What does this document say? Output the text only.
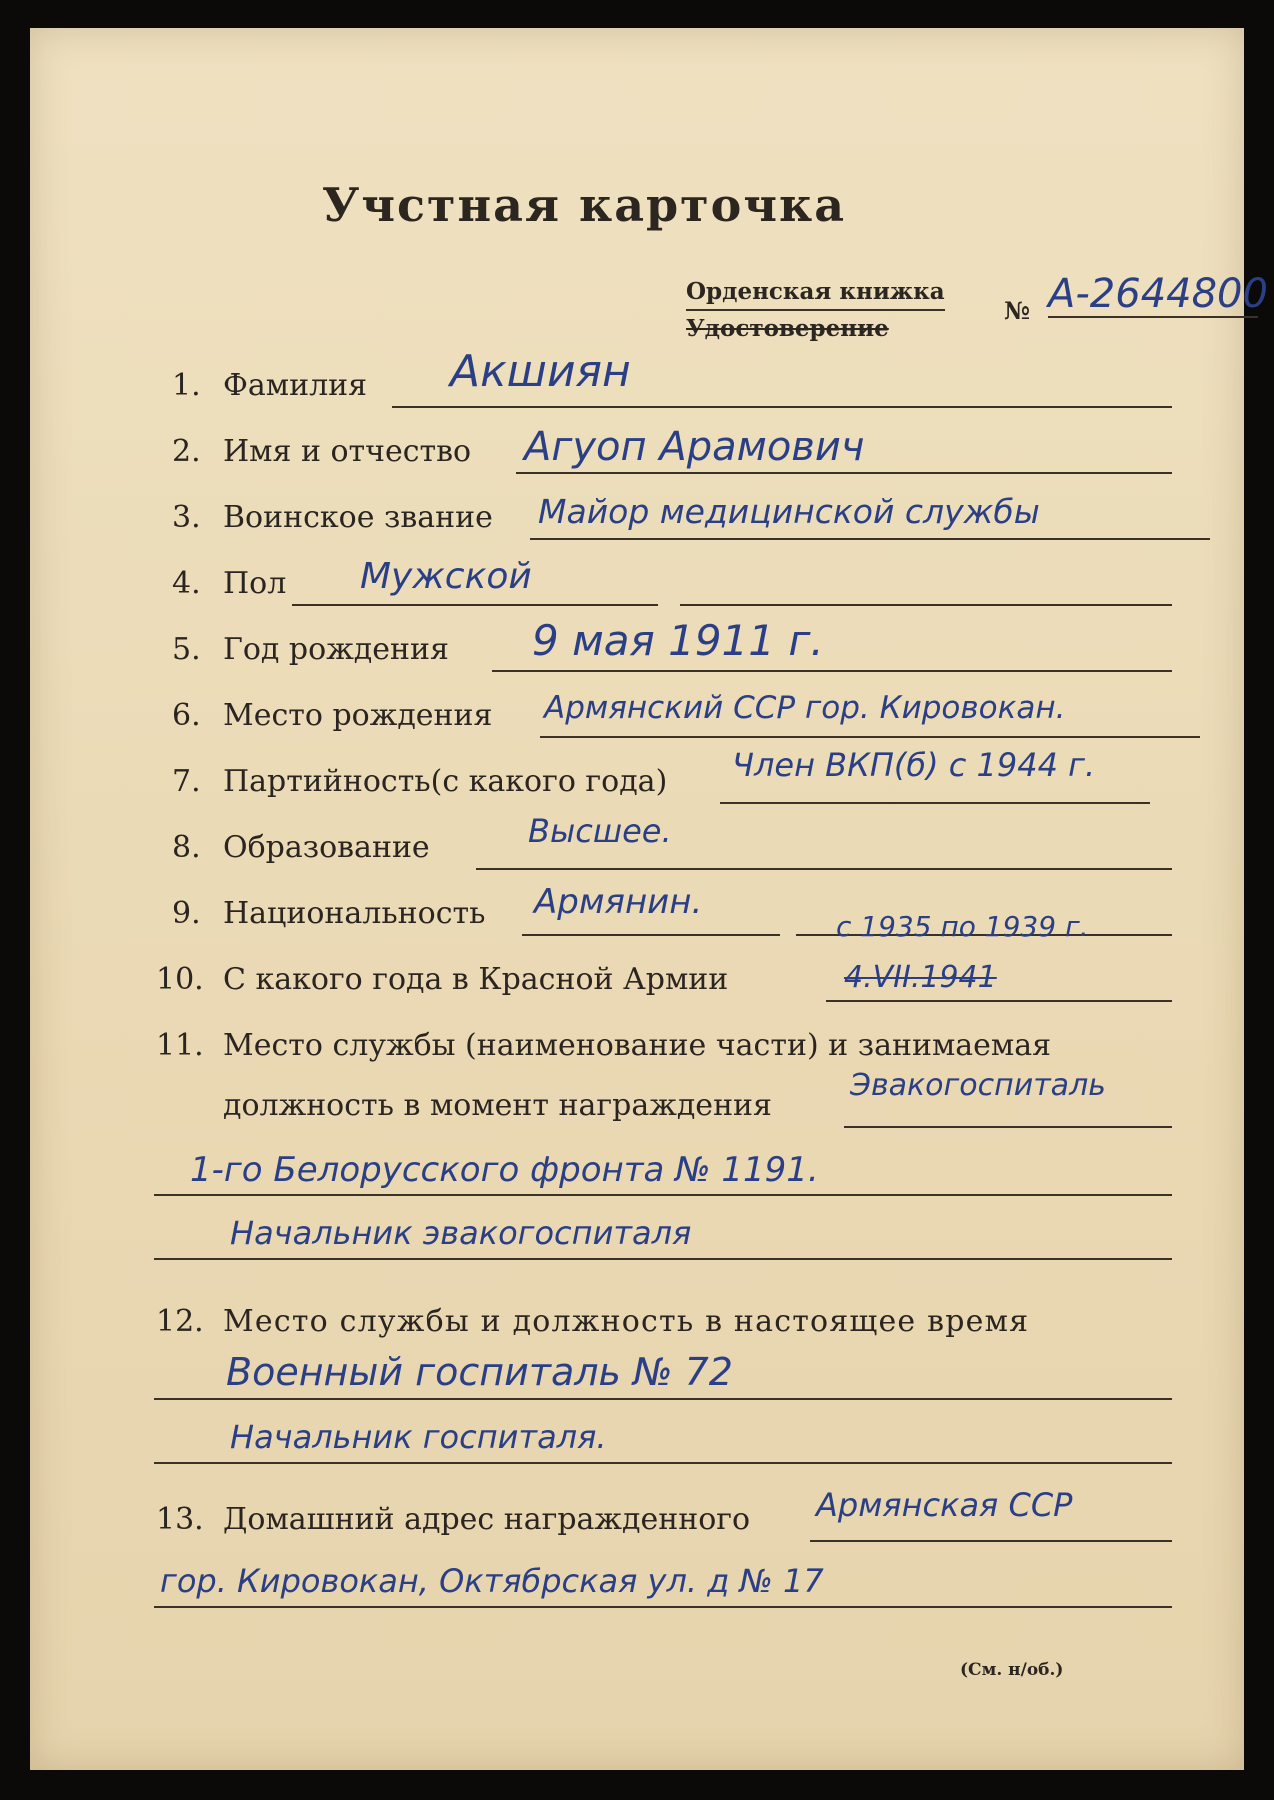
Учстная карточка
Орденская книжка
Удостоверение
№ А-2644800
1. Фамилия Акшиян
2. Имя и отчество Агуоп Арамович
3. Воинское звание Майор медицинской службы
4. Пол Мужской
5. Год рождения 9 мая 1911 г.
6. Место рождения Армянский ССР гор. Кировокан.
7. Партийность(с какого года) Член ВКП(б) с 1944 г.
8. Образование	Высшее.
9. Национальность Армянин.
10. С какого года в Красной Армии	4.VII.1941
с 1935 по 1939 г.
11. Место службы (наименование части) и занимаемая
должность в момент награждения
Эвакогоспиталь
1-го Белорусского фронта № 1191.
Начальник эвакогоспиталя
12. Место службы и должность в настоящее время
Военный госпиталь № 72
Начальник госпиталя.
13. Домашний адрес награжденного Армянская ССР
гор. Кировокан, Октябрская ул. д № 17
(См. н/об.)
